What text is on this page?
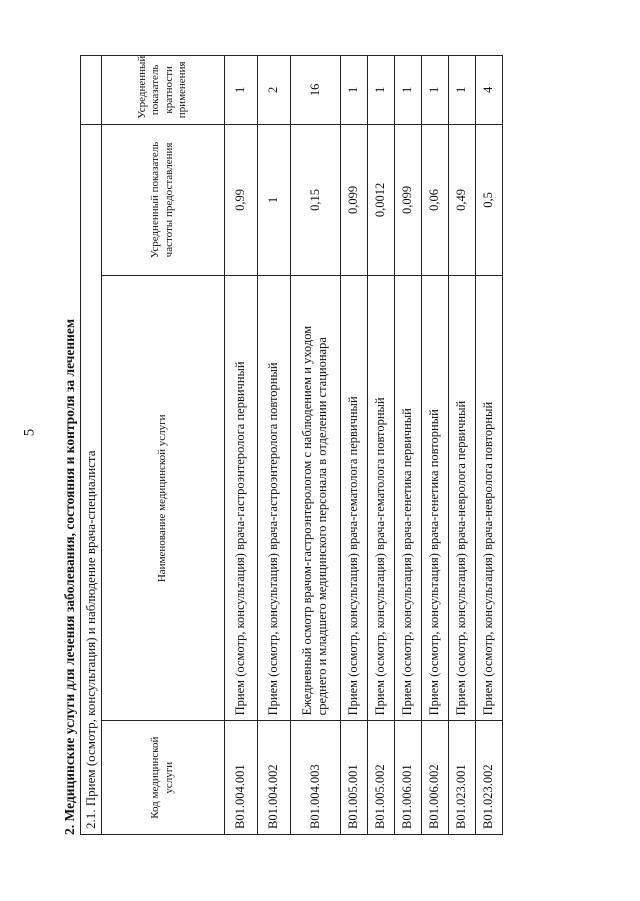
5 2. Медицинские услуги для лечения заболевания, состояния и контроля за лечением 2.1. Прием (осмотр, консультация) и наблюдение врача-специалиста			
Код медицинской услуги	Наименование медицинской услуги	Усредненный показатель частоты предоставления	Усредненный показатель кратности применения
B01.004.001	Прием (осмотр, консультация) врача-гастроэнтеролога первичный	0,99	1
B01.004.002	Прием (осмотр, консультация) врача-гастроэнтеролога повторный	1	2
B01.004.003	Ежедневный осмотр врачом-гастроэнтерологом с наблюдением и уходом среднего и младшего медицинского персонала в отделении стационара	0,15	16
B01.005.001	Прием (осмотр, консультация) врача-гематолога первичный	0,099	1
B01.005.002	Прием (осмотр, консультация) врача-гематолога повторный	0,0012	1
B01.006.001	Прием (осмотр, консультация) врача-генетика первичный	0,099	1
B01.006.002	Прием (осмотр, консультация) врача-генетика повторный	0,06	1
B01.023.001	Прием (осмотр, консультация) врача-невролога первичный	0,49	1
B01.023.002	Прием (осмотр, консультация) врача-невролога повторный	0,5	4
